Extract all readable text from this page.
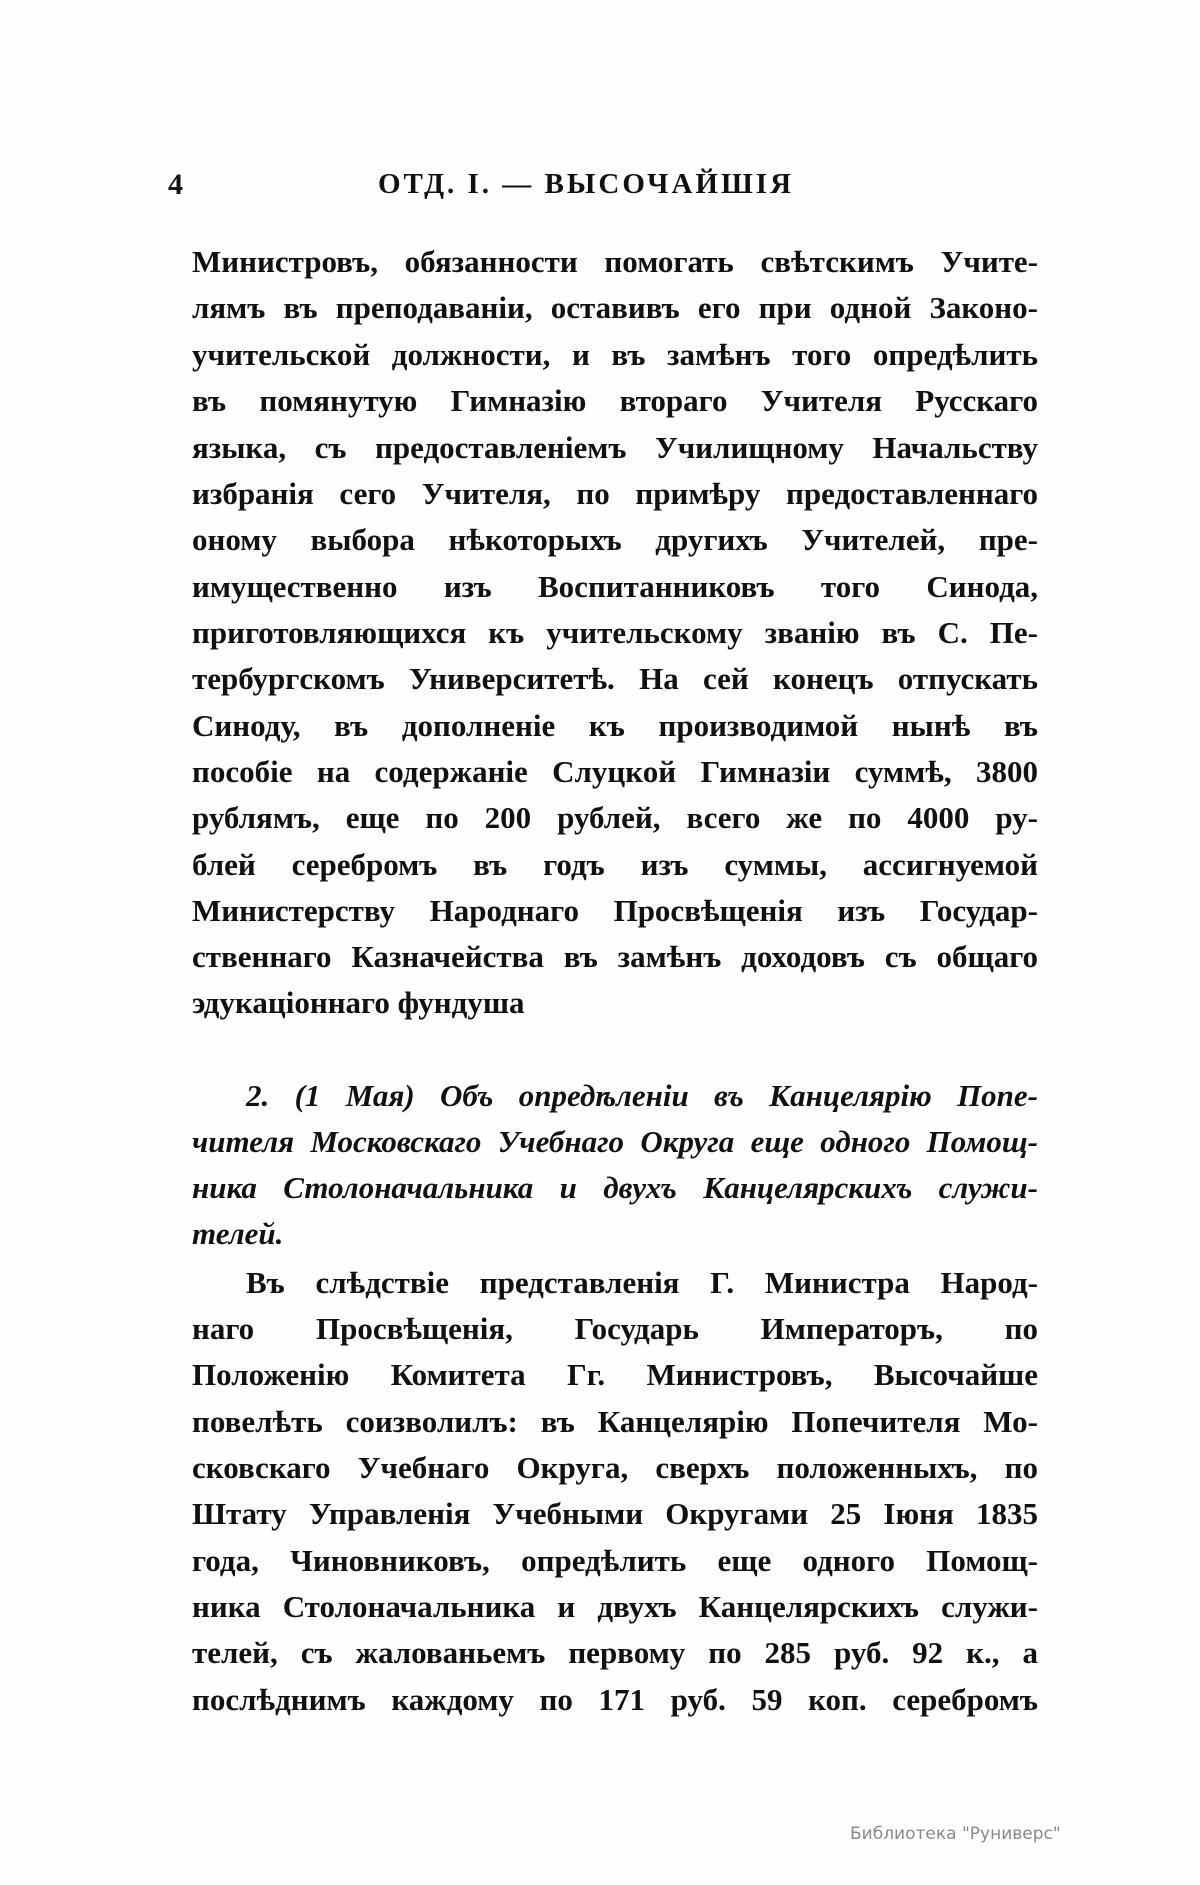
4	ОТД. I. — ВЫСОЧАЙШІЯ
Министровъ, обязанности помогать свѣтскимъ Учите-
лямъ въ преподаваніи, оставивъ его при одной Законо-
учительской должности, и въ замѣнъ того опредѣлить
въ помянутую Гимназію втораго Учителя Русскаго
языка, съ предоставленіемъ Училищному Начальству
избранія сего Учителя, по примѣру предоставленнаго
оному выбора нѣкоторыхъ другихъ Учителей, пре-
имущественно изъ Воспитанниковъ того Синода,
приготовляющихся къ учительскому званію въ С. Пе-
тербургскомъ Университетѣ. На сей конецъ отпускать
Синоду, въ дополненіе къ производимой нынѣ въ
пособіе на содержаніе Слуцкой Гимназіи суммѣ, 3800
рублямъ, еще по 200 рублей, всего же по 4000 ру-
блей серебромъ въ годъ изъ суммы, ассигнуемой
Министерству Народнаго Просвѣщенія изъ Государ-
ственнаго Казначейства въ замѣнъ доходовъ съ общаго
эдукаціоннаго фундуша
2. (1 Мая) Объ опредѣленіи въ Канцелярію Попе-
чителя Московскаго Учебнаго Округа еще одного Помощ-
ника Столоначальника и двухъ Канцелярскихъ служи-
телей.
Въ слѣдствіе представленія Г. Министра Народ-
наго Просвѣщенія, Государь Императоръ, по
Положенію Комитета Гг. Министровъ, Высочайше
повелѣть соизволилъ: въ Канцелярію Попечителя Мо-
сковскаго Учебнаго Округа, сверхъ положенныхъ, по
Штату Управленія Учебными Округами 25 Іюня 1835
года, Чиновниковъ, опредѣлить еще одного Помощ-
ника Столоначальника и двухъ Канцелярскихъ служи-
телей, съ жалованьемъ первому по 285 руб. 92 к., а
послѣднимъ каждому по 171 руб. 59 коп. серебромъ
Библиотека "Руниверс"
